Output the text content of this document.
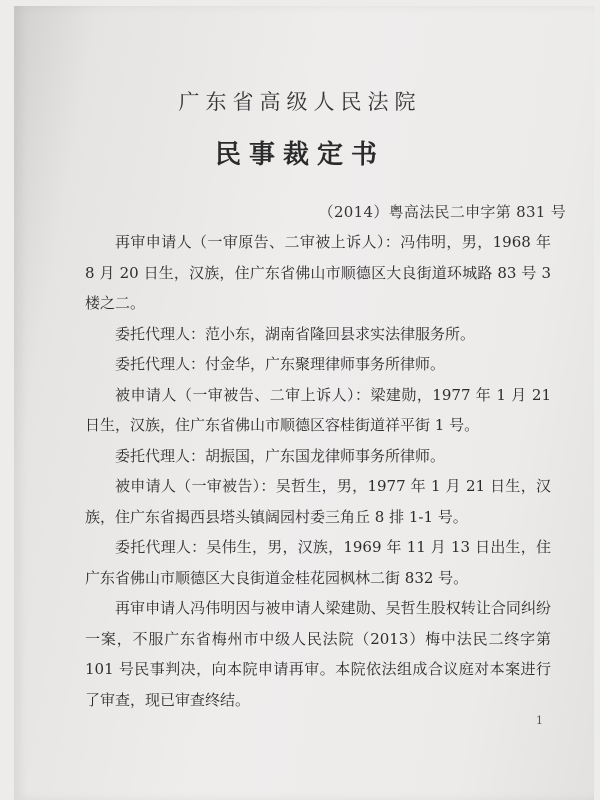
广东省高级人民法院
民事裁定书
（2014）粤高法民二申字第 831 号

再审申请人（一审原告、二审被上诉人）：冯伟明，男，1968 年 8 月 20 日生，汉族，住广东省佛山市顺德区大良街道环城路 83 号 3 楼之二。

委托代理人：范小东，湖南省隆回县求实法律服务所。

委托代理人：付金华，广东聚理律师事务所律师。

被申请人（一审被告、二审上诉人）：梁建勋，1977 年 1 月 21 日生，汉族，住广东省佛山市顺德区容桂街道祥平街 1 号。

委托代理人：胡振国，广东国龙律师事务所律师。

被申请人（一审被告）：吴哲生，男，1977 年 1 月 21 日生，汉族，住广东省揭西县塔头镇阔园村委三角丘 8 排 1-1 号。

委托代理人：吴伟生，男，汉族，1969 年 11 月 13 日出生，住广东省佛山市顺德区大良街道金桂花园枫林二街 832 号。

再审申请人冯伟明因与被申请人梁建勋、吴哲生股权转让合同纠纷一案，不服广东省梅州市中级人民法院（2013）梅中法民二终字第 101 号民事判决，向本院申请再审。本院依法组成合议庭对本案进行了审查，现已审查终结。

1
